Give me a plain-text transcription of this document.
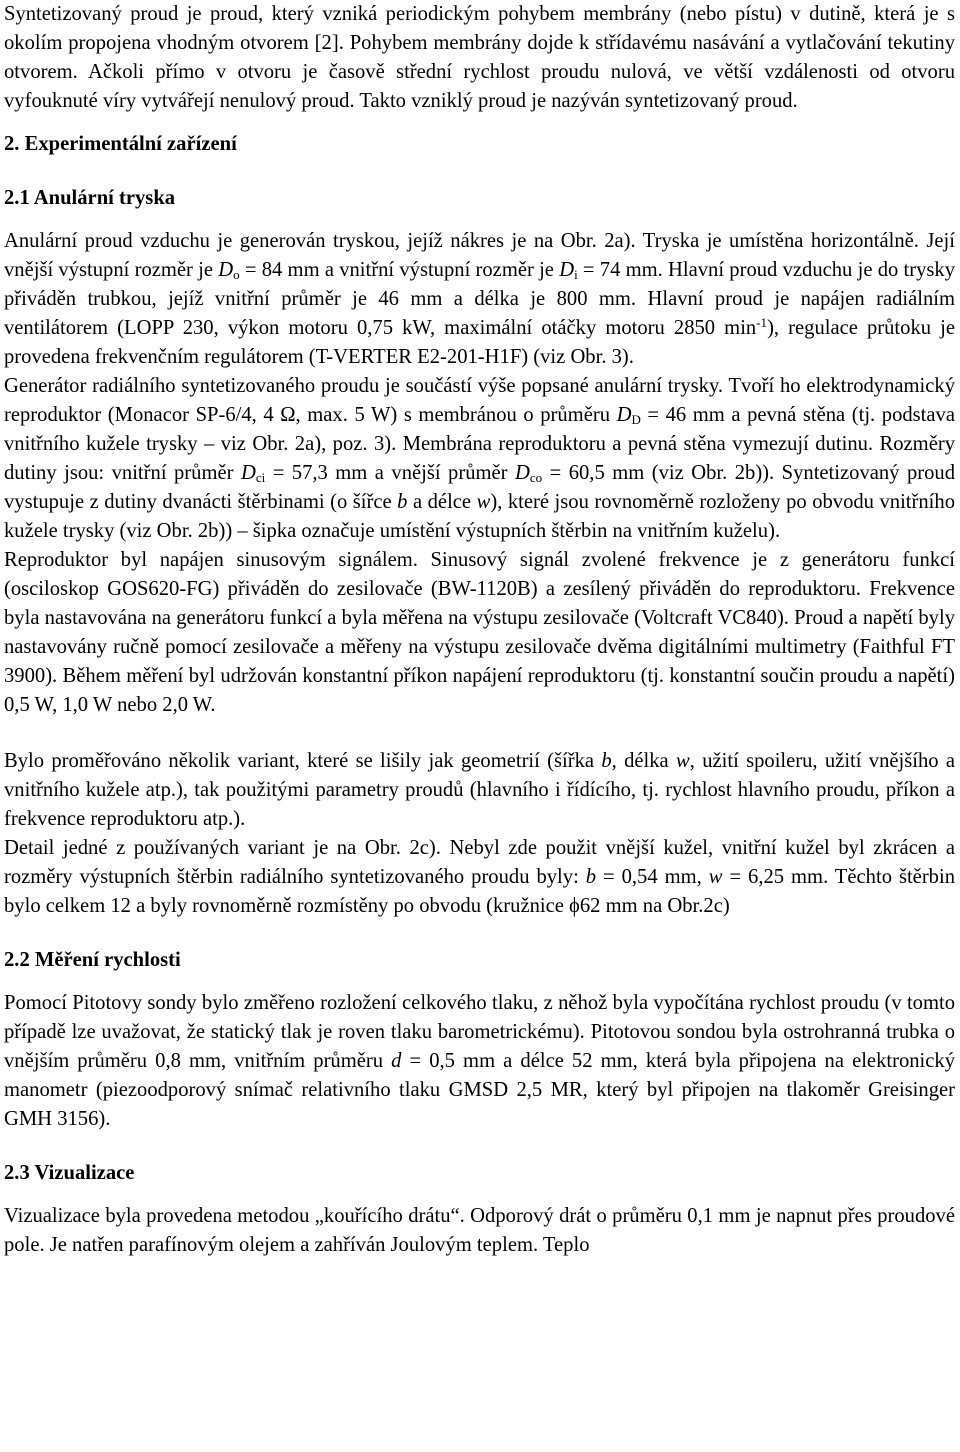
Syntetizovaný proud je proud, který vzniká periodickým pohybem membrány (nebo pístu) v dutině, která je s okolím propojena vhodným otvorem [2]. Pohybem membrány dojde k střídavému nasávání a vytlačování tekutiny otvorem. Ačkoli přímo v otvoru je časově střední rychlost proudu nulová, ve větší vzdálenosti od otvoru vyfouknuté víry vytvářejí nenulový proud. Takto vzniklý proud je nazýván syntetizovaný proud.

2. Experimentální zařízení
2.1 Anulární tryska

Anulární proud vzduchu je generován tryskou, jejíž nákres je na Obr. 2a). Tryska je umístěna horizontálně. Její vnější výstupní rozměr je $D_o = 84$ mm a vnitřní výstupní rozměr je $D_i = 74$ mm. Hlavní proud vzduchu je do trysky přiváděn trubkou, jejíž vnitřní průměr je 46 mm a délka je 800 mm. Hlavní proud je napájen radiálním ventilátorem (LOPP 230, výkon motoru 0,75 kW, maximální otáčky motoru 2850 $\min^{-1}$), regulace průtoku je provedena frekvenčním regulátorem (T-VERTER E2-201-H1F) (viz Obr. 3).

Generátor radiálního syntetizovaného proudu je součástí výše popsané anulární trysky. Tvoří ho elektrodynamický reproduktor (Monacor SP-6/4, 4 Ω, max. 5 W) s membránou o průměru $D_D = 46$ mm a pevná stěna (tj. podstava vnitřního kužele trysky – viz Obr. 2a), poz. 3). Membrána reproduktoru a pevná stěna vymezují dutinu. Rozměry dutiny jsou: vnitřní průměr $D_{ci} = 57,3$ mm a vnější průměr $D_{co} = 60,5$ mm (viz Obr. 2b)). Syntetizovaný proud vystupuje z dutiny dvanácti štěrbinami (o šířce b a délce w), které jsou rovnoměrně rozloženy po obvodu vnitřního kužele trysky (viz Obr. 2b)) – šipka označuje umístění výstupních štěrbin na vnitřním kuželu).

Reproduktor byl napájen sinusovým signálem. Sinusový signál zvolené frekvence je z generátoru funkcí (osciloskop GOS620-FG) přiváděn do zesilovače (BW-1120B) a zesílený přiváděn do reproduktoru. Frekvence byla nastavována na generátoru funkcí a byla měřena na výstupu zesilovače (Voltcraft VC840). Proud a napětí byly nastavovány ručně pomocí zesilovače a měřeny na výstupu zesilovače dvěma digitálními multimetry (Faithful FT 3900). Během měření byl udržován konstantní příkon napájení reproduktoru (tj. konstantní součin proudu a napětí) 0,5 W, 1,0 W nebo 2,0 W.

Bylo proměřováno několik variant, které se lišily jak geometrií (šířka b, délka w, užití spoileru, užití vnějšího a vnitřního kužele atp.), tak použitými parametry proudů (hlavního i řídícího, tj. rychlost hlavního proudu, příkon a frekvence reproduktoru atp.).

Detail jedné z používaných variant je na Obr. 2c). Nebyl zde použit vnější kužel, vnitřní kužel byl zkrácen a rozměry výstupních štěrbin radiálního syntetizovaného proudu byly: b = 0,54 mm, w = 6,25 mm. Těchto štěrbin bylo celkem 12 a byly rovnoměrně rozmístěny po obvodu (kružnice ϕ62 mm na Obr.2c)

2.2 Měření rychlosti

Pomocí Pitotovy sondy bylo změřeno rozložení celkového tlaku, z něhož byla vypočítána rychlost proudu (v tomto případě lze uvažovat, že statický tlak je roven tlaku barometrickému). Pitotovou sondou byla ostrohranná trubka o vnějším průměru 0,8 mm, vnitřním průměru d = 0,5 mm a délce 52 mm, která byla připojena na elektronický manometr (piezoodporový snímač relativního tlaku GMSD 2,5 MR, který byl připojen na tlakoměr Greisinger GMH 3156).

2.3 Vizualizace

Vizualizace byla provedena metodou „kouřícího drátu“. Odporový drát o průměru 0,1 mm je napnut přes proudové pole. Je natřen parafínovým olejem a zahříván Joulovým teplem. Teplo
